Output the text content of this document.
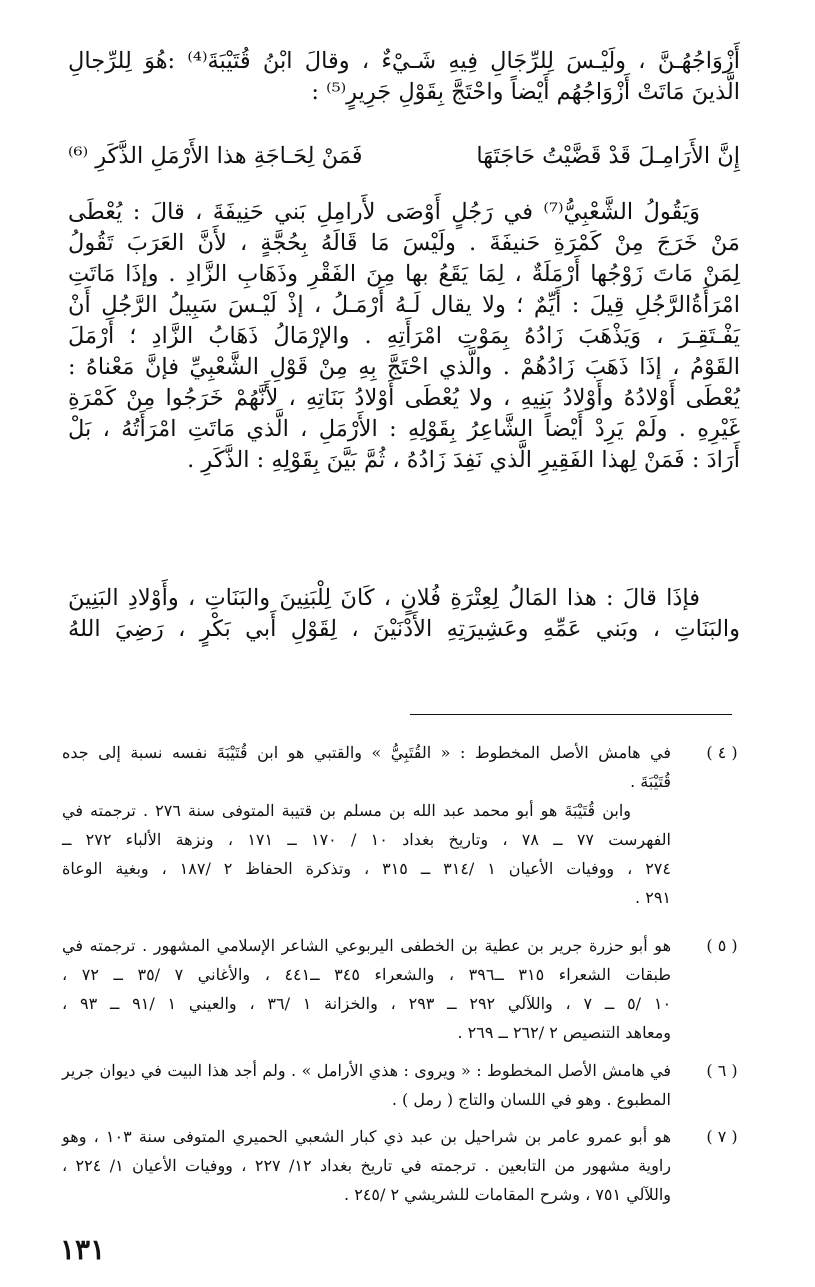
أَزْوَاجُهُـنَّ ، ولَيْـسَ لِلرِّجَالِ فِيهِ شَـيْءٌ ، وقالَ ابْنُ قُتَيْبَةَ⁽⁴⁾ :هُوَ لِلرِّجالِ
الَّذينَ مَاتَتْ أَزْوَاجُهُم أَيْضاً واحْتَجَّ بِقَوْلِ جَرِيرٍ⁽⁵⁾ :
إِنَّ الأَرَامِـلَ قَدْ قَضَّيْتُ حَاجَتَهَا
فَمَنْ لِحَـاجَةِ هذا الأَرْمَلِ الذَّكَرِ ⁽⁶⁾
وَيَقُولُ الشَّعْبِيُّ⁽⁷⁾ في رَجُلٍ أَوْصَى لأَرامِلِ بَني حَنِيفَةَ ، قالَ : يُعْطَى
مَنْ خَرَجَ مِنْ كَمْرَةِ حَنيفَةَ . ولَيْسَ مَا قَالَهُ بِحُجَّةٍ ، لأَنَّ العَرَبَ تَقُولُ
لِمَنْ مَاتَ زَوْجُها أَرْمَلَةٌ ، لِمَا يَقَعُ بها مِنَ الفَقْرِ وذَهَابِ الزَّادِ . وإذَا مَاتَتِ
امْرَأَةُالرَّجُلِ قِيلَ : أَيِّمٌ ؛ ولا يقال لَـهُ أَرْمَـلُ ، إذْ لَيْـسَ سَبِيلُ الرَّجُلِ أَنْ
يَفْـتَقِـرَ ، وَيَذْهَبَ زَادُهُ بِمَوْتِ امْرَأَتِهِ . والإرْمَالُ ذَهَابُ الزَّادِ ؛ أَرْمَلَ
القَوْمُ ، إذَا ذَهَبَ زَادُهُمْ . والَّذي احْتَجَّ بِهِ مِنْ قَوْلِ الشَّعْبِيِّ فإنَّ مَعْناهُ :
يُعْطَى أَوْلادُهُ وأَوْلادُ بَنِيهِ ، ولا يُعْطَى أَوْلادُ بَنَاتِهِ ، لأَنَّهُمْ خَرَجُوا مِنْ كَمْرَةِ
غَيْرِهِ . ولَمْ يَرِدْ أَيْضاً الشَّاعِرُ بِقَوْلِهِ : الأَرْمَلِ ، الَّذي مَاتَتِ امْرَأَتُهُ ، بَلْ
أَرَادَ : فَمَنْ لِهذا الفَقِيرِ الَّذي نَفِدَ زَادُهُ ، ثُمَّ بَيَّنَ بِقَوْلِهِ : الذَّكَرِ .
فإذَا قالَ : هذا المَالُ لِعِتْرَةِ فُلانٍ ، كَانَ لِلْبَنِينَ والبَنَاتِ ، وأَوْلادِ البَنِينَ
والبَنَاتِ ، وبَني عَمِّهِ وعَشِيرَتِهِ الأَدْنَيْنَ ، لِقَوْلِ أَبي بَكْرٍ ، رَضِيَ اللهُ
( ٤ )
في هامش الأصل المخطوط : « القُتَبِيُّ » والقتبي هو ابن قُتَيْبَةَ نفسه نسبة إلى جده
قُتَيْبَةَ .
وابن قُتَيْبَةَ هو أبو محمد عبد الله بن مسلم بن قتيبة المتوفى سنة ٢٧٦ . ترجمته في
الفهرست ٧٧ ــ ٧٨ ، وتاريخ بغداد ١٠ / ١٧٠ ــ ١٧١ ، ونزهة الألباء ٢٧٢ ــ
٢٧٤ ، ووفيات الأعيان ١ /٣١٤ ــ ٣١٥ ، وتذكرة الحفاظ ٢ /١٨٧ ، وبغية الوعاة
٢٩١ .
( ٥ )
هو أبو حزرة جرير بن عطية بن الخطفى اليربوعي الشاعر الإسلامي المشهور . ترجمته في
طبقات الشعراء ٣١٥ ــ٣٩٦ ، والشعراء ٣٤٥ ــ٤٤١ ، والأغاني ٧ /٣٥ ــ ٧٢ ،
١٠ /٥ ــ ٧ ، واللآلي ٢٩٢ ــ ٢٩٣ ، والخزانة ١ /٣٦ ، والعيني ١ /٩١ ــ ٩٣ ،
ومعاهد التنصيص ٢ /٢٦٢ ــ ٢٦٩ .
( ٦ )
في هامش الأصل المخطوط : « ويروى : هذي الأرامل » . ولم أجد هذا البيت في ديوان جرير
المطبوع . وهو في اللسان والتاج ( رمل ) .
( ٧ )
هو أبو عمرو عامر بن شراحيل بن عبد ذي كبار الشعبي الحميري المتوفى سنة ١٠٣ ، وهو
راوية مشهور من التابعين . ترجمته في تاريخ بغداد ١٢/ ٢٢٧ ، ووفيات الأعيان ١/ ٢٢٤ ،
واللآلي ٧٥١ ، وشرح المقامات للشريشي ٢ /٢٤٥ .
١٣١
